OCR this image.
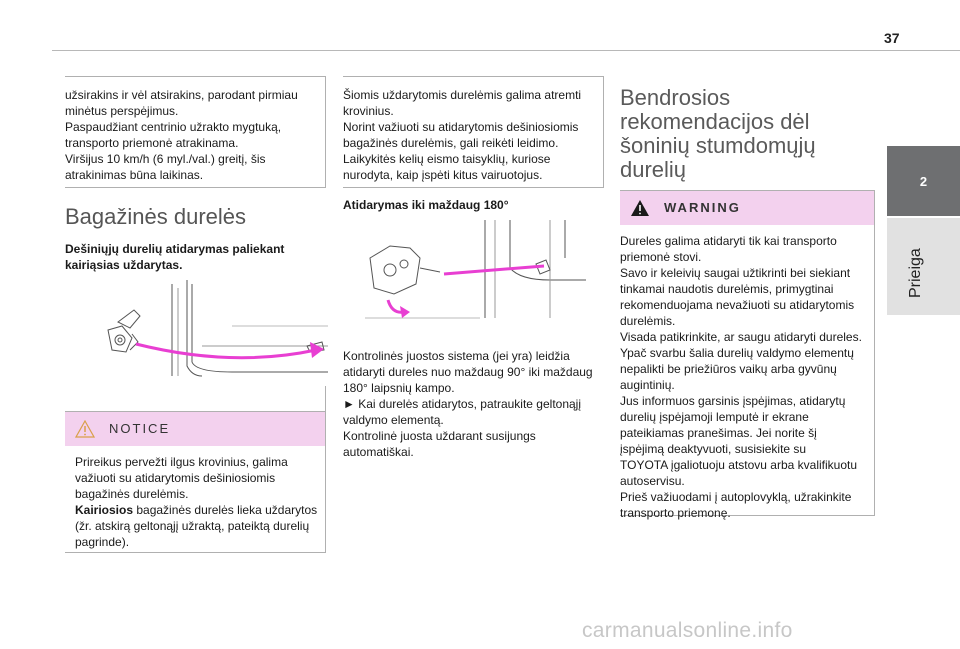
37
2
Prieiga
užsirakins ir vėl atsirakins, parodant pirmiau
minėtus perspėjimus.
Paspaudžiant centrinio užrakto mygtuką,
transporto priemonė atrakinama.
Viršijus 10 km/h (6 myl./val.) greitį, šis
atrakinimas būna laikinas.
Bagažinės durelės
Dešiniųjų durelių atidarymas paliekant
kairiąsias uždarytas.
NOTICE
Prireikus pervežti ilgus krovinius, galima
važiuoti su atidarytomis dešiniosiomis
bagažinės durelėmis.
Kairiosios bagažinės durelės lieka uždarytos
(žr. atskirą geltonąjį užraktą, pateiktą durelių
pagrinde).
Šiomis uždarytomis durelėmis galima atremti
krovinius.
Norint važiuoti su atidarytomis dešiniosiomis
bagažinės durelėmis, gali reikėti leidimo.
Laikykitės kelių eismo taisyklių, kuriose
nurodyta, kaip įspėti kitus vairuotojus.
Atidarymas iki maždaug 180°
Kontrolinės juostos sistema (jei yra) leidžia
atidaryti dureles nuo maždaug 90° iki maždaug
180° laipsnių kampo.
► Kai durelės atidarytos, patraukite geltonąjį
valdymo elementą.
Kontrolinė juosta uždarant susijungs
automatiškai.
Bendrosios
rekomendacijos dėl
šoninių stumdomųjų
durelių
WARNING
Dureles galima atidaryti tik kai transporto
priemonė stovi.
Savo ir keleivių saugai užtikrinti bei siekiant
tinkamai naudotis durelėmis, primygtinai
rekomenduojama nevažiuoti su atidarytomis
durelėmis.
Visada patikrinkite, ar saugu atidaryti dureles.
Ypač svarbu šalia durelių valdymo elementų
nepalikti be priežiūros vaikų arba gyvūnų
augintinių.
Jus informuos garsinis įspėjimas, atidarytų
durelių įspėjamoji lemputė ir ekrane
pateikiamas pranešimas. Jei norite šį
įspėjimą deaktyvuoti, susisiekite su
TOYOTA įgaliotuoju atstovu arba kvalifikuotu
autoservisu.
Prieš važiuodami į autoplovyklą, užrakinkite
transporto priemonę.
carmanualsonline.info
